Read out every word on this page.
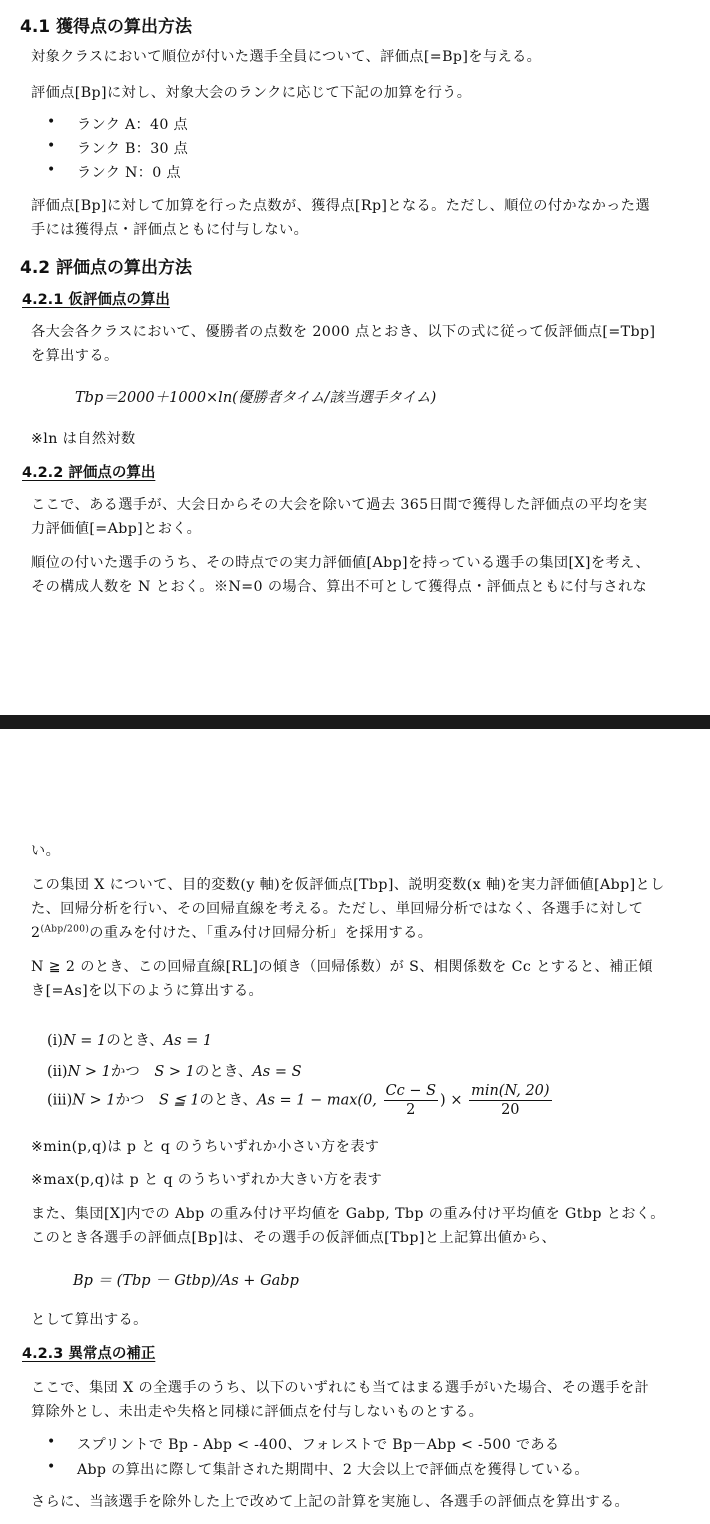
4.1 獲得点の算出方法
対象クラスにおいて順位が付いた選手全員について、評価点[=Bp]を与える。
評価点[Bp]に対し、対象大会のランクに応じて下記の加算を行う。
• ランク A：40 点
• ランク B：30 点
• ランク N：0 点
評価点[Bp]に対して加算を行った点数が、獲得点[Rp]となる。ただし、順位の付かなかった選
手には獲得点・評価点ともに付与しない。
4.2 評価点の算出方法
4.2.1 仮評価点の算出
各大会各クラスにおいて、優勝者の点数を 2000 点とおき、以下の式に従って仮評価点[=Tbp]
を算出する。
Tbp＝2000＋1000×ln(優勝者タイム/該当選手タイム)
※ln は自然対数
4.2.2 評価点の算出
ここで、ある選手が、大会日からその大会を除いて過去 365日間で獲得した評価点の平均を実
力評価値[=Abp]とおく。
順位の付いた選手のうち、その時点での実力評価値[Abp]を持っている選手の集団[X]を考え、
その構成人数を N とおく。※N=0 の場合、算出不可として獲得点・評価点ともに付与されな
い。
この集団 X について、目的変数(y 軸)を仮評価点[Tbp]、説明変数(x 軸)を実力評価値[Abp]とし
た、回帰分析を行い、その回帰直線を考える。ただし、単回帰分析ではなく、各選手に対して
$2^{(Abp/200)}$の重みを付けた、「重み付け回帰分析」を採用する。
N ≧ 2 のとき、この回帰直線[RL]の傾き（回帰係数）が S、相関係数を Cc とすると、補正傾
き[=As]を以下のように算出する。
(i)N = 1のとき、As = 1
(ii)N > 1かつ　S > 1のとき、As = S
(iii)N > 1かつ　S ≦ 1のとき、As = 1 − max(0, $\frac{Cc - S}{2}$ ) × $\frac{\min(N, 20)}{20}$
※min(p,q)は p と q のうちいずれか小さい方を表す
※max(p,q)は p と q のうちいずれか大きい方を表す
また、集団[X]内での Abp の重み付け平均値を Gabp, Tbp の重み付け平均値を Gtbp とおく。
このとき各選手の評価点[Bp]は、その選手の仮評価点[Tbp]と上記算出値から、
Bp ＝ (Tbp － Gtbp)/As + Gabp
として算出する。
4.2.3 異常点の補正
ここで、集団 X の全選手のうち、以下のいずれにも当てはまる選手がいた場合、その選手を計
算除外とし、未出走や失格と同様に評価点を付与しないものとする。
• スプリントで Bp - Abp < -400、フォレストで Bp－Abp < -500 である
• Abp の算出に際して集計された期間中、2 大会以上で評価点を獲得している。
さらに、当該選手を除外した上で改めて上記の計算を実施し、各選手の評価点を算出する。
